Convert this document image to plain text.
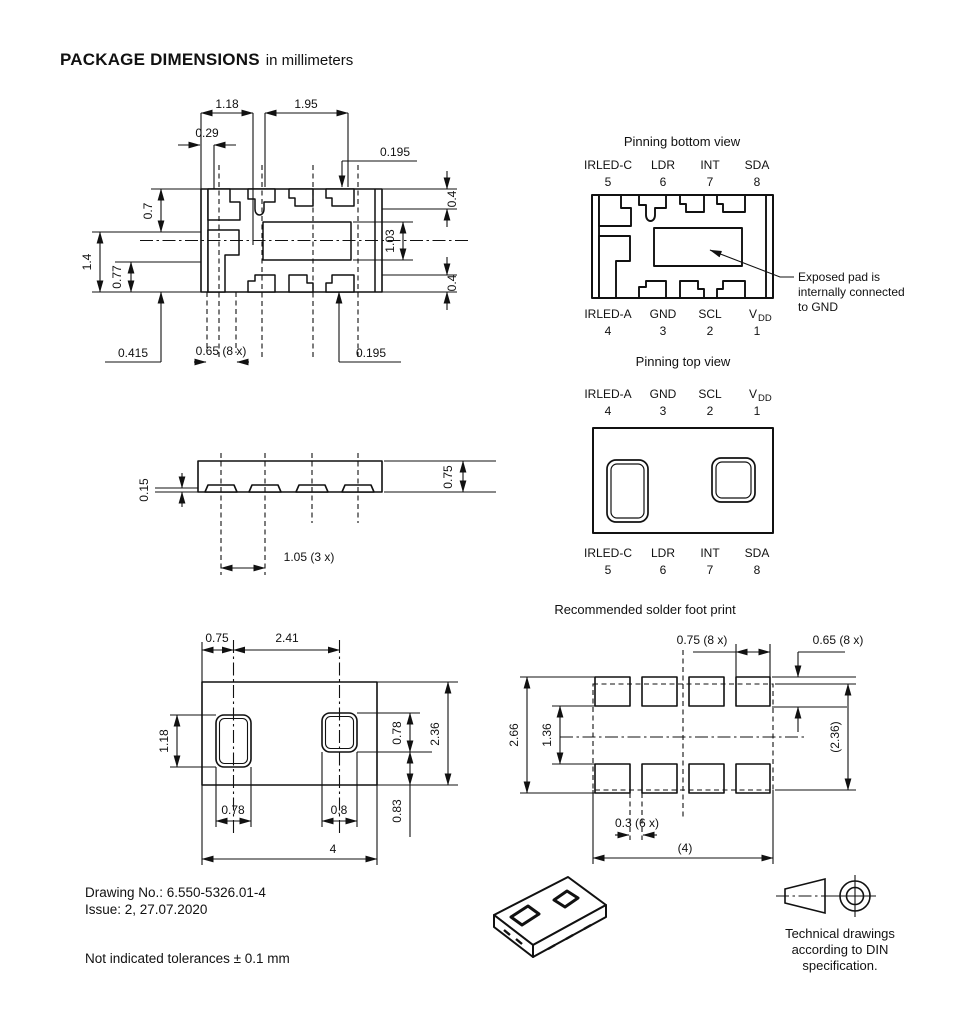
PACKAGE DIMENSIONS in millimeters
1.18	1.95
0.29
0.195
0.7
1.4
0.77
0.4
1.03
0.4
0.415	0.65 (8 x)	0.195
Pinning bottom view
IRLED-C LDR INT SDA
5	6	7	8
IRLED-A GND SCL V DD
4	3	2	1
Exposed pad is
internally connected
to GND
Pinning top view
IRLED-A GND SCL V DD
4	3	2	1
IRLED-C LDR INT SDA
5	6	7	8
0.15
0.75
1.05 (3 x)
0.75	2.41
1.18	0.78
0.83
2.36
0.78	0.8
4
Recommended solder foot print
0.75 (8 x)	0.65 (8 x)
2.66 1.36	(2.36)
0.3 (6 x)
(4)
Technical drawings
according to DIN
specification.
Drawing No.: 6.550-5326.01-4
Issue: 2, 27.07.2020
Not indicated tolerances ± 0.1 mm
